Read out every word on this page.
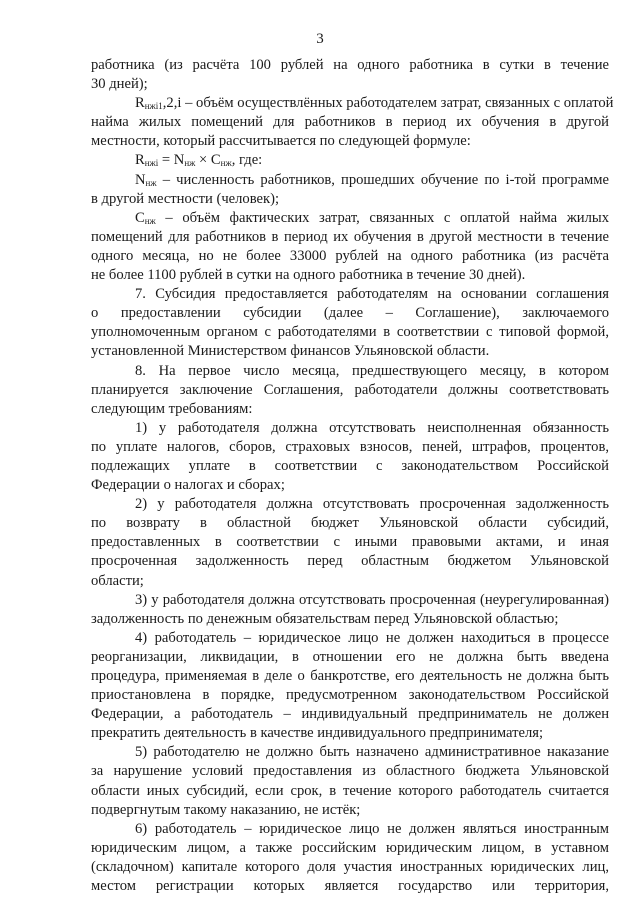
3
работника (из расчёта 100 рублей на одного работника в сутки в течение
30 дней);
$R_{нжi1},2,i$ – объём осуществлённых работодателем затрат, связанных с оплатой
найма жилых помещений для работников в период их обучения в другой
местности, который рассчитывается по следующей формуле:
$R_{нжi} = N_{нж} \times C_{нж}$, где:
$N_{нж}$ – численность работников, прошедших обучение по i-той программе
в другой местности (человек);
$C_{нж}$ – объём фактических затрат, связанных с оплатой найма жилых
помещений для работников в период их обучения в другой местности в течение
одного месяца, но не более 33000 рублей на одного работника (из расчёта
не более 1100 рублей в сутки на одного работника в течение 30 дней).
7. Субсидия предоставляется работодателям на основании соглашения
о предоставлении субсидии (далее – Соглашение), заключаемого
уполномоченным органом с работодателями в соответствии с типовой формой,
установленной Министерством финансов Ульяновской области.
8. На первое число месяца, предшествующего месяцу, в котором
планируется заключение Соглашения, работодатели должны соответствовать
следующим требованиям:
1) у работодателя должна отсутствовать неисполненная обязанность
по уплате налогов, сборов, страховых взносов, пеней, штрафов, процентов,
подлежащих уплате в соответствии с законодательством Российской
Федерации о налогах и сборах;
2) у работодателя должна отсутствовать просроченная задолженность
по возврату в областной бюджет Ульяновской области субсидий,
предоставленных в соответствии с иными правовыми актами, и иная
просроченная задолженность перед областным бюджетом Ульяновской
области;
3) у работодателя должна отсутствовать просроченная (неурегулированная)
задолженность по денежным обязательствам перед Ульяновской областью;
4) работодатель – юридическое лицо не должен находиться в процессе
реорганизации, ликвидации, в отношении его не должна быть введена
процедура, применяемая в деле о банкротстве, его деятельность не должна быть
приостановлена в порядке, предусмотренном законодательством Российской
Федерации, а работодатель – индивидуальный предприниматель не должен
прекратить деятельность в качестве индивидуального предпринимателя;
5) работодателю не должно быть назначено административное наказание
за нарушение условий предоставления из областного бюджета Ульяновской
области иных субсидий, если срок, в течение которого работодатель считается
подвергнутым такому наказанию, не истёк;
6) работодатель – юридическое лицо не должен являться иностранным
юридическим лицом, а также российским юридическим лицом, в уставном
(складочном) капитале которого доля участия иностранных юридических лиц,
местом регистрации которых является государство или территория,
